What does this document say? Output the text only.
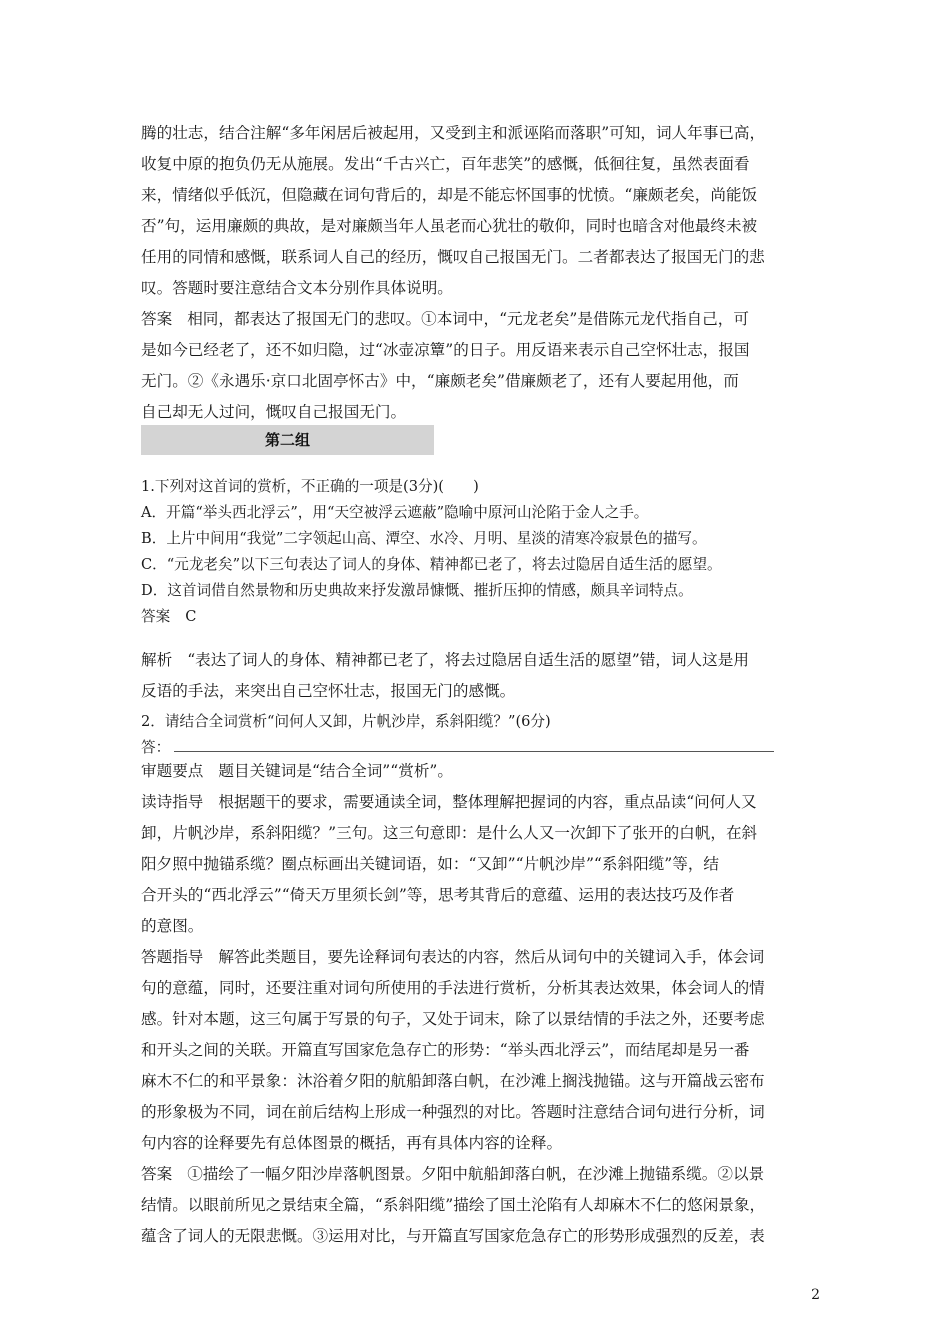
腾的壮志，结合注解“多年闲居后被起用，又受到主和派诬陷而落职”可知，词人年事已高，

收复中原的抱负仍无从施展。发出“千古兴亡，百年悲笑”的感慨，低徊往复，虽然表面看

来，情绪似乎低沉，但隐藏在词句背后的，却是不能忘怀国事的忧愤。“廉颇老矣，尚能饭

否”句，运用廉颇的典故，是对廉颇当年人虽老而心犹壮的敬仰，同时也暗含对他最终未被

任用的同情和感慨，联系词人自己的经历，慨叹自己报国无门。二者都表达了报国无门的悲

叹。答题时要注意结合文本分别作具体说明。

答案 相同，都表达了报国无门的悲叹。①本词中，“元龙老矣”是借陈元龙代指自己，可

是如今已经老了，还不如归隐，过“冰壶凉簟”的日子。用反语来表示自己空怀壮志，报国

无门。②《永遇乐·京口北固亭怀古》中，“廉颇老矣”借廉颇老了，还有人要起用他，而

自己却无人过问，慨叹自己报国无门。

第二组

1.下列对这首词的赏析，不正确的一项是(3分)(　　)

A．开篇“举头西北浮云”，用“天空被浮云遮蔽”隐喻中原河山沦陷于金人之手。

B．上片中间用“我觉”二字领起山高、潭空、水冷、月明、星淡的清寒冷寂景色的描写。

C．“元龙老矣”以下三句表达了词人的身体、精神都已老了，将去过隐居自适生活的愿望。

D．这首词借自然景物和历史典故来抒发激昂慷慨、摧折压抑的情感，颇具辛词特点。

答案 C

解析 “表达了词人的身体、精神都已老了，将去过隐居自适生活的愿望”错，词人这是用

反语的手法，来突出自己空怀壮志，报国无门的感慨。

2．请结合全词赏析“问何人又卸，片帆沙岸，系斜阳缆？”(6分)

答：

审题要点 题目关键词是“结合全词”“赏析”。

读诗指导 根据题干的要求，需要通读全词，整体理解把握词的内容，重点品读“问何人又

卸，片帆沙岸，系斜阳缆？”三句。这三句意即：是什么人又一次卸下了张开的白帆，在斜

阳夕照中抛锚系缆？圈点标画出关键词语，如：“又卸”“片帆沙岸”“系斜阳缆”等，结

合开头的“西北浮云”“倚天万里须长剑”等，思考其背后的意蕴、运用的表达技巧及作者

的意图。

答题指导 解答此类题目，要先诠释词句表达的内容，然后从词句中的关键词入手，体会词

句的意蕴，同时，还要注重对词句所使用的手法进行赏析，分析其表达效果，体会词人的情

感。针对本题，这三句属于写景的句子，又处于词末，除了以景结情的手法之外，还要考虑

和开头之间的关联。开篇直写国家危急存亡的形势：“举头西北浮云”，而结尾却是另一番

麻木不仁的和平景象：沐浴着夕阳的航船卸落白帆，在沙滩上搁浅抛锚。这与开篇战云密布

的形象极为不同，词在前后结构上形成一种强烈的对比。答题时注意结合词句进行分析，词

句内容的诠释要先有总体图景的概括，再有具体内容的诠释。

答案 ①描绘了一幅夕阳沙岸落帆图景。夕阳中航船卸落白帆，在沙滩上抛锚系缆。②以景

结情。以眼前所见之景结束全篇，“系斜阳缆”描绘了国土沦陷有人却麻木不仁的悠闲景象，

蕴含了词人的无限悲慨。③运用对比，与开篇直写国家危急存亡的形势形成强烈的反差，表

2
